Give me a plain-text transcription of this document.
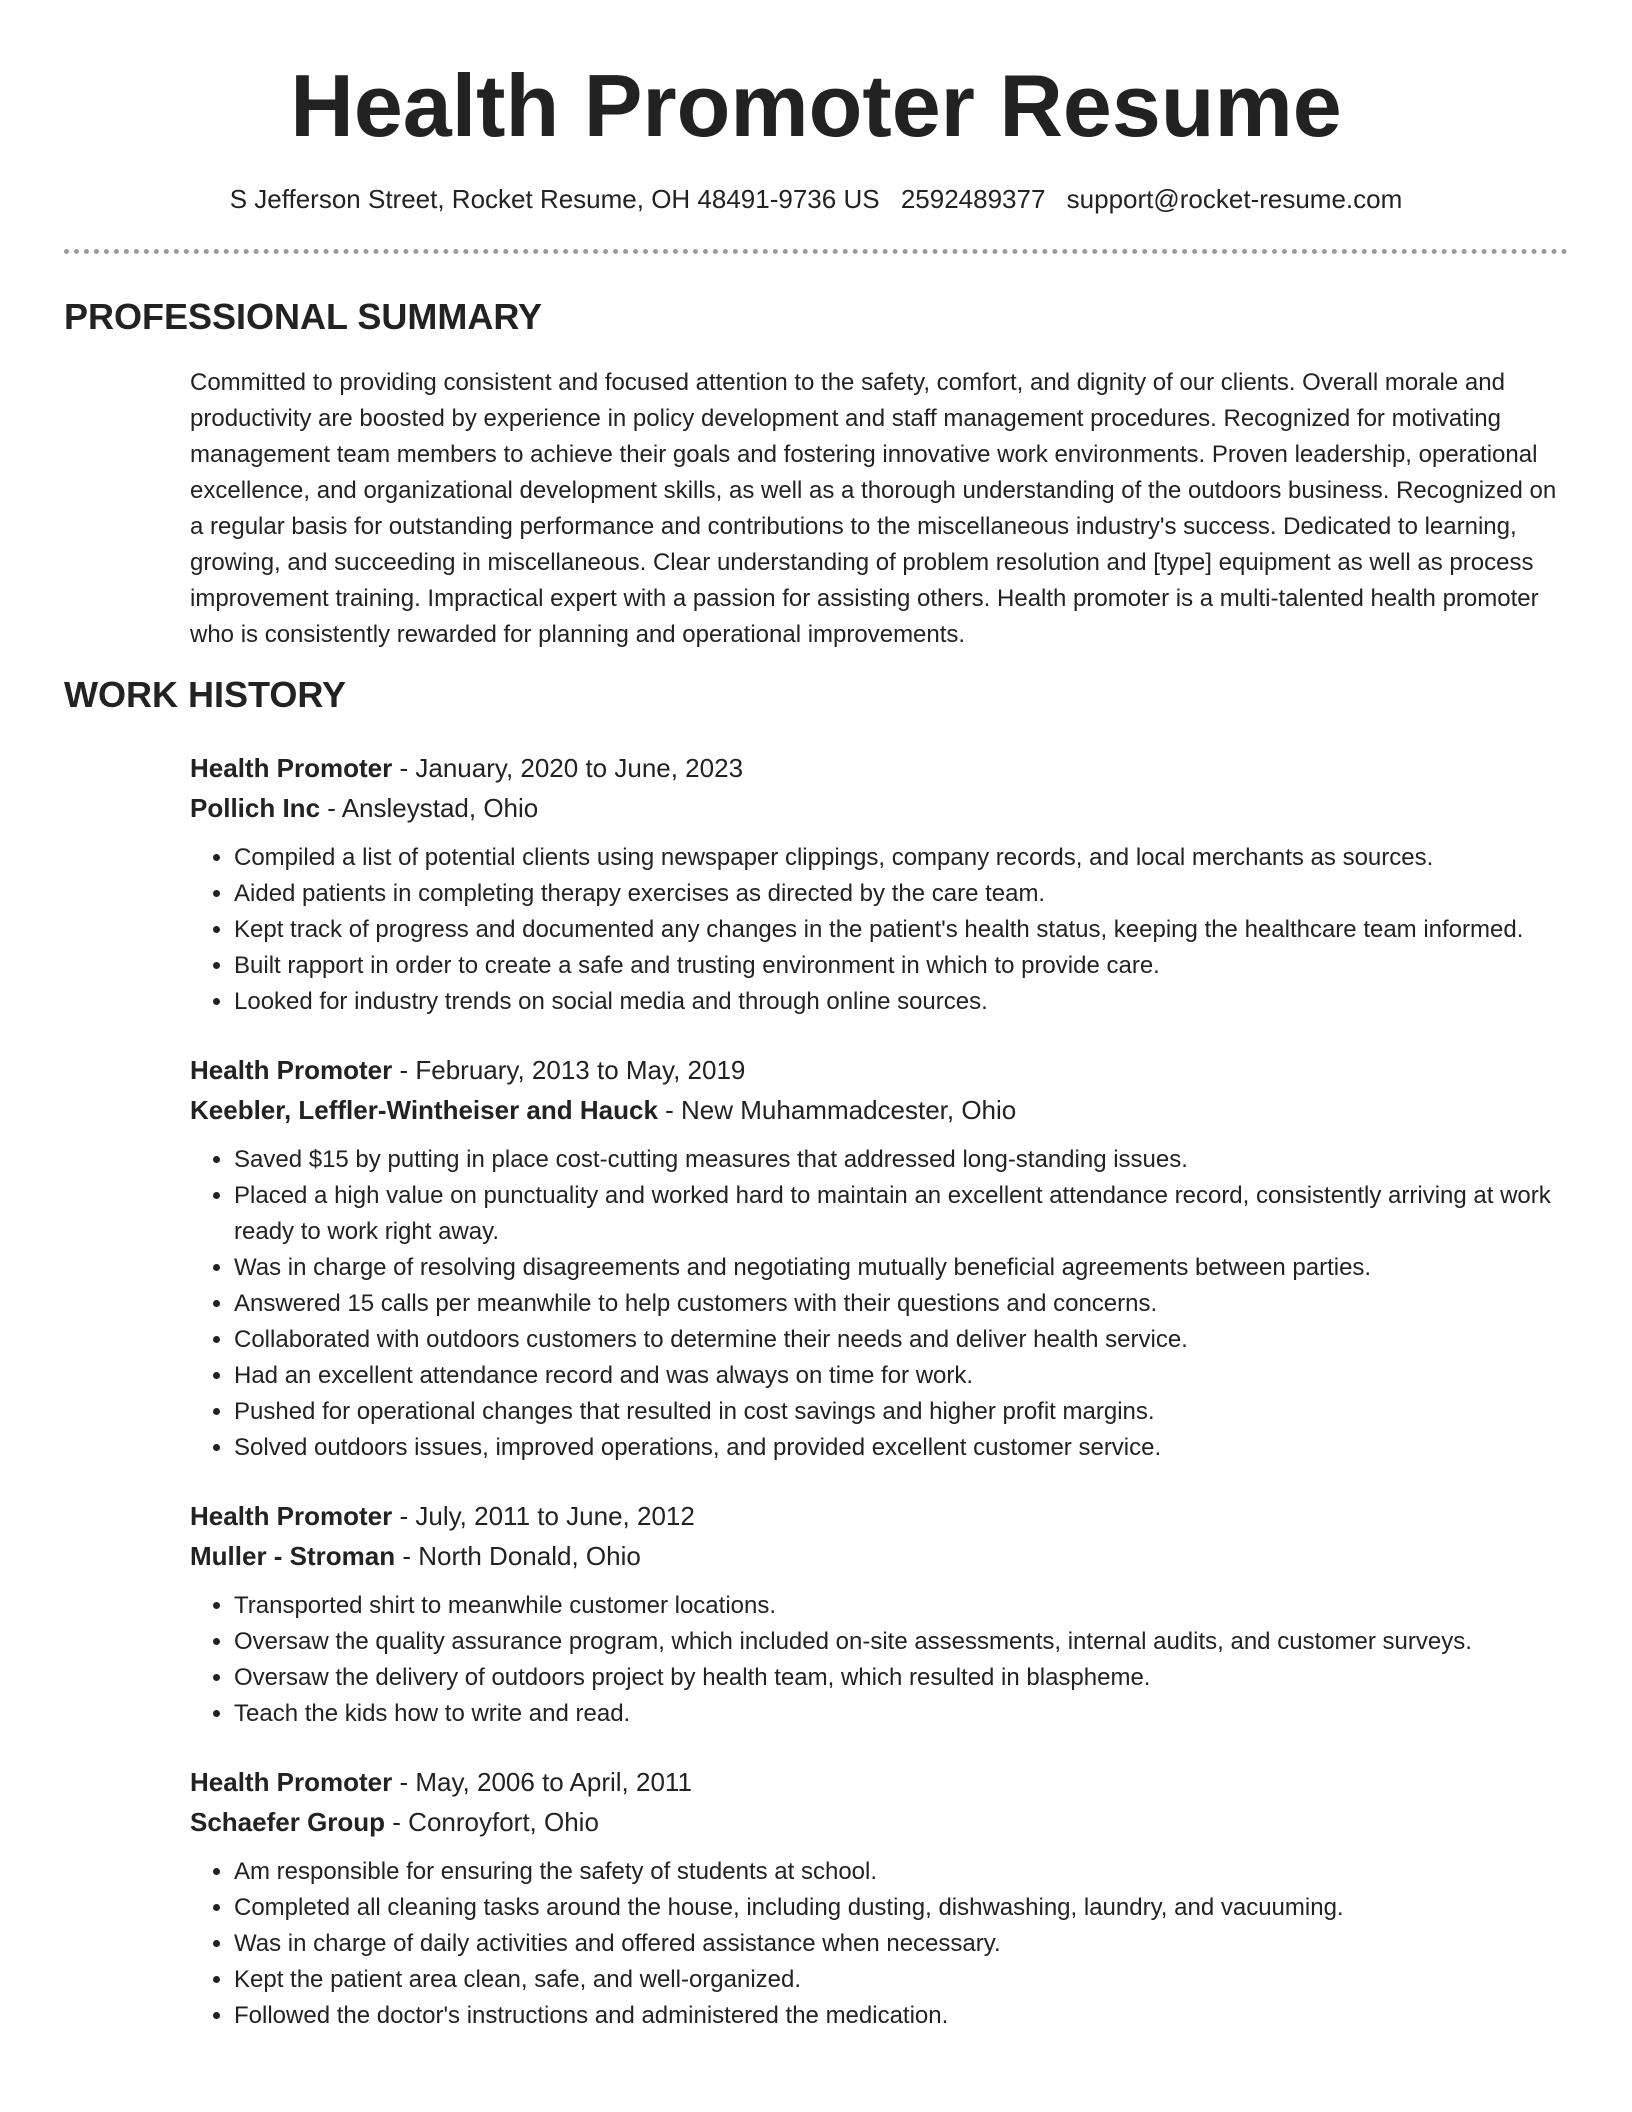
Health Promoter Resume
S Jefferson Street, Rocket Resume, OH 48491-9736 US 2592489377 support@rocket-resume.com
PROFESSIONAL SUMMARY

Committed to providing consistent and focused attention to the safety, comfort, and dignity of our clients. Overall morale and productivity are boosted by experience in policy development and staff management procedures. Recognized for motivating management team members to achieve their goals and fostering innovative work environments. Proven leadership, operational excellence, and organizational development skills, as well as a thorough understanding of the outdoors business. Recognized on a regular basis for outstanding performance and contributions to the miscellaneous industry's success. Dedicated to learning, growing, and succeeding in miscellaneous. Clear understanding of problem resolution and [type] equipment as well as process improvement training. Impractical expert with a passion for assisting others. Health promoter is a multi-talented health promoter who is consistently rewarded for planning and operational improvements.

WORK HISTORY

Health Promoter - January, 2020 to June, 2023

Pollich Inc - Ansleystad, Ohio

• Compiled a list of potential clients using newspaper clippings, company records, and local merchants as sources.
• Aided patients in completing therapy exercises as directed by the care team.
• Kept track of progress and documented any changes in the patient's health status, keeping the healthcare team informed.
• Built rapport in order to create a safe and trusting environment in which to provide care.
• Looked for industry trends on social media and through online sources.

Health Promoter - February, 2013 to May, 2019

Keebler, Leffler-Wintheiser and Hauck - New Muhammadcester, Ohio

• Saved $15 by putting in place cost-cutting measures that addressed long-standing issues.
• Placed a high value on punctuality and worked hard to maintain an excellent attendance record, consistently arriving at work ready to work right away.
• Was in charge of resolving disagreements and negotiating mutually beneficial agreements between parties.
• Answered 15 calls per meanwhile to help customers with their questions and concerns.
• Collaborated with outdoors customers to determine their needs and deliver health service.
• Had an excellent attendance record and was always on time for work.
• Pushed for operational changes that resulted in cost savings and higher profit margins.
• Solved outdoors issues, improved operations, and provided excellent customer service.

Health Promoter - July, 2011 to June, 2012

Muller - Stroman - North Donald, Ohio

• Transported shirt to meanwhile customer locations.
• Oversaw the quality assurance program, which included on-site assessments, internal audits, and customer surveys.
• Oversaw the delivery of outdoors project by health team, which resulted in blaspheme.
• Teach the kids how to write and read.

Health Promoter - May, 2006 to April, 2011

Schaefer Group - Conroyfort, Ohio

• Am responsible for ensuring the safety of students at school.
• Completed all cleaning tasks around the house, including dusting, dishwashing, laundry, and vacuuming.
• Was in charge of daily activities and offered assistance when necessary.
• Kept the patient area clean, safe, and well-organized.
• Followed the doctor's instructions and administered the medication.
